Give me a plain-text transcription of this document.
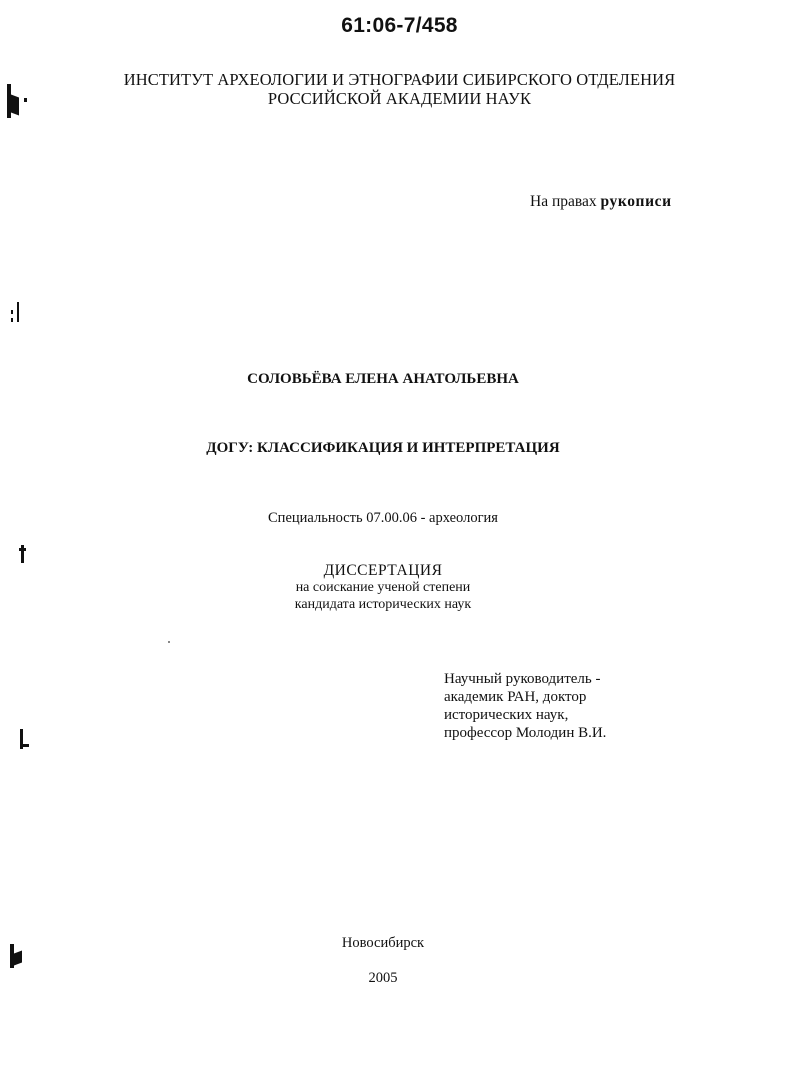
61:06-7/458
ИНСТИТУТ АРХЕОЛОГИИ И ЭТНОГРАФИИ СИБИРСКОГО ОТДЕЛЕНИЯ
РОССИЙСКОЙ АКАДЕМИИ НАУК
На правах рукописи
СОЛОВЬЁВА ЕЛЕНА АНАТОЛЬЕВНА
ДОГУ: КЛАССИФИКАЦИЯ И ИНТЕРПРЕТАЦИЯ
Специальность 07.00.06 - археология
ДИССЕРТАЦИЯ
на соискание ученой степени
кандидата исторических наук
Научный руководитель -
академик РАН, доктор
исторических наук,
профессор Молодин В.И.
Новосибирск
2005
